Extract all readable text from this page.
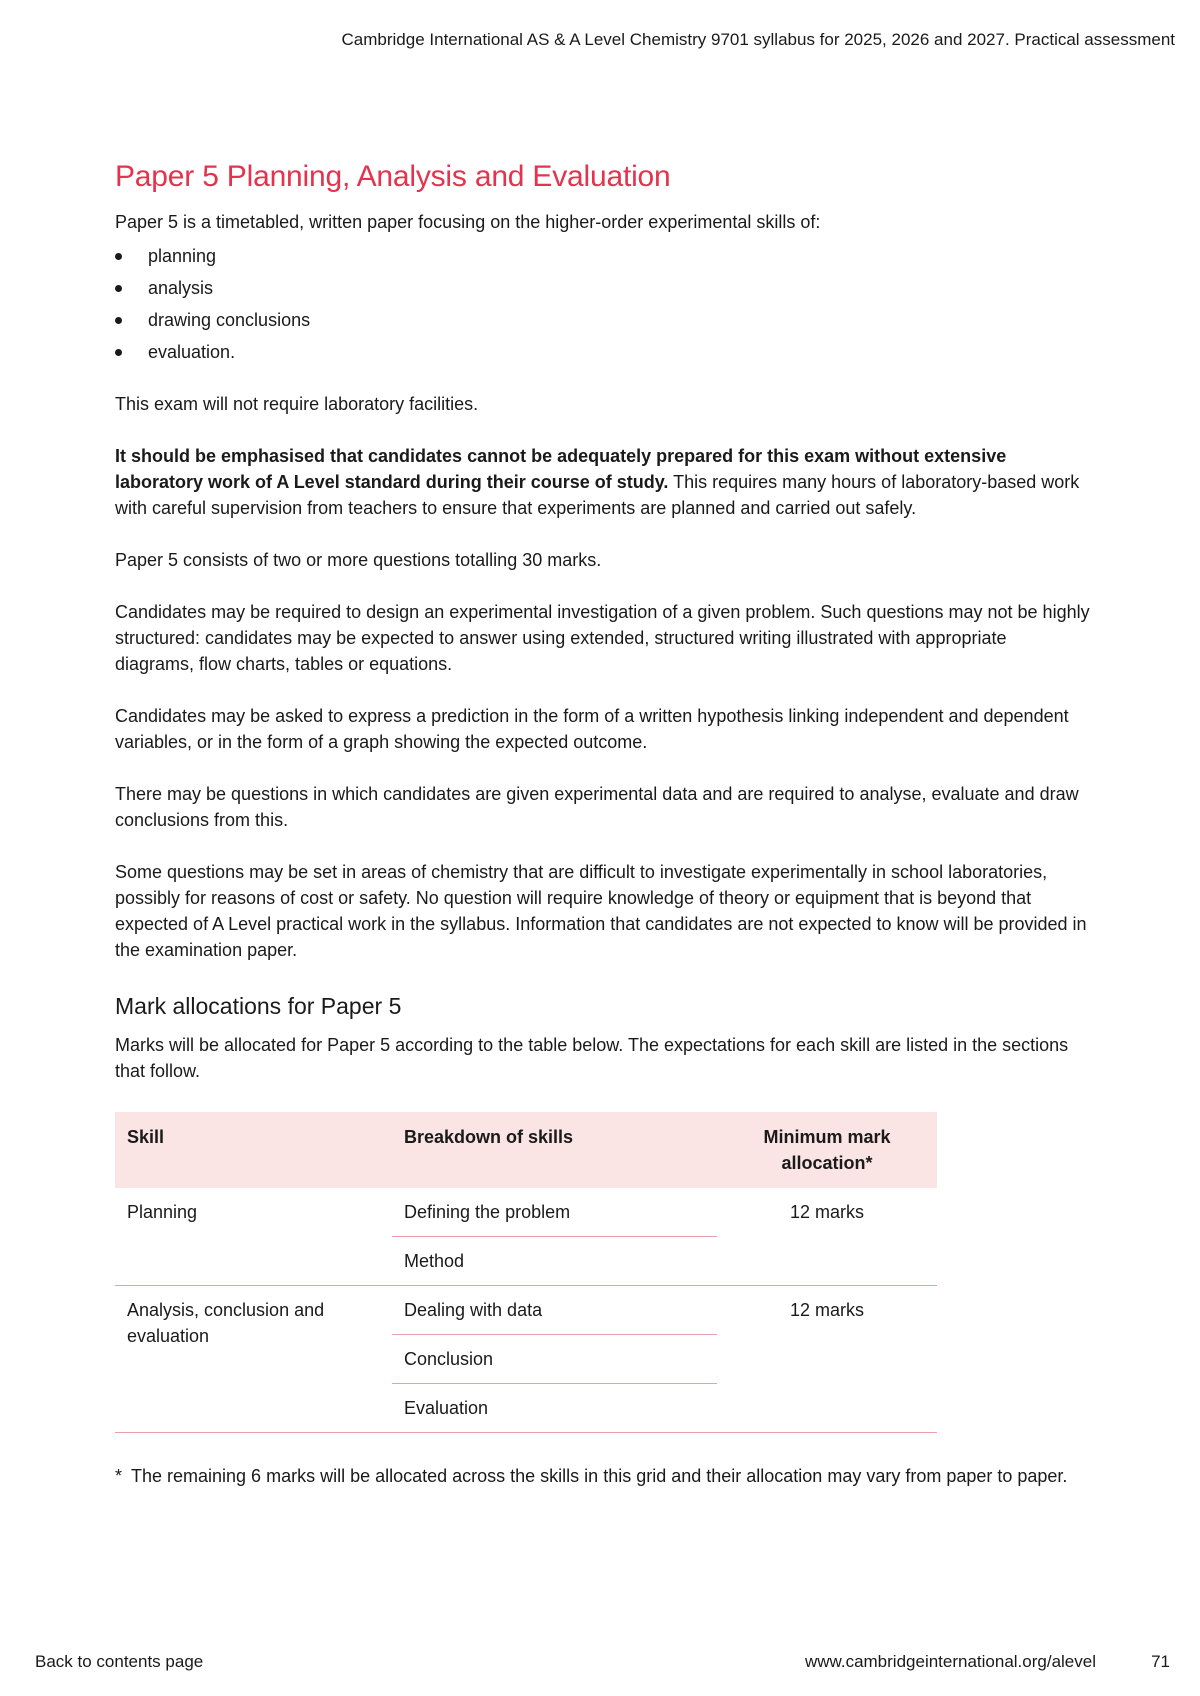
Cambridge International AS & A Level Chemistry 9701 syllabus for 2025, 2026 and 2027. Practical assessment
Paper 5 Planning, Analysis and Evaluation

Paper 5 is a timetabled, written paper focusing on the higher-order experimental skills of:

planning
analysis
drawing conclusions
evaluation.

This exam will not require laboratory facilities.

It should be emphasised that candidates cannot be adequately prepared for this exam without extensive laboratory work of A Level standard during their course of study. This requires many hours of laboratory-based work with careful supervision from teachers to ensure that experiments are planned and carried out safely.

Paper 5 consists of two or more questions totalling 30 marks.

Candidates may be required to design an experimental investigation of a given problem. Such questions may not be highly structured: candidates may be expected to answer using extended, structured writing illustrated with appropriate diagrams, flow charts, tables or equations.

Candidates may be asked to express a prediction in the form of a written hypothesis linking independent and dependent variables, or in the form of a graph showing the expected outcome.

There may be questions in which candidates are given experimental data and are required to analyse, evaluate and draw conclusions from this.

Some questions may be set in areas of chemistry that are difficult to investigate experimentally in school laboratories, possibly for reasons of cost or safety. No question will require knowledge of theory or equipment that is beyond that expected of A Level practical work in the syllabus. Information that candidates are not expected to know will be provided in the examination paper.

Mark allocations for Paper 5

Marks will be allocated for Paper 5 according to the table below. The expectations for each skill are listed in the sections that follow.

Skill	Breakdown of skills	Minimum mark allocation*
Planning	Defining the problem	12 marks
	Method	
Analysis, conclusion and evaluation	Dealing with data	12 marks
	Conclusion	
	Evaluation	

* The remaining 6 marks will be allocated across the skills in this grid and their allocation may vary from paper to paper.

Back to contents page	www.cambridgeinternational.org/alevel	71
